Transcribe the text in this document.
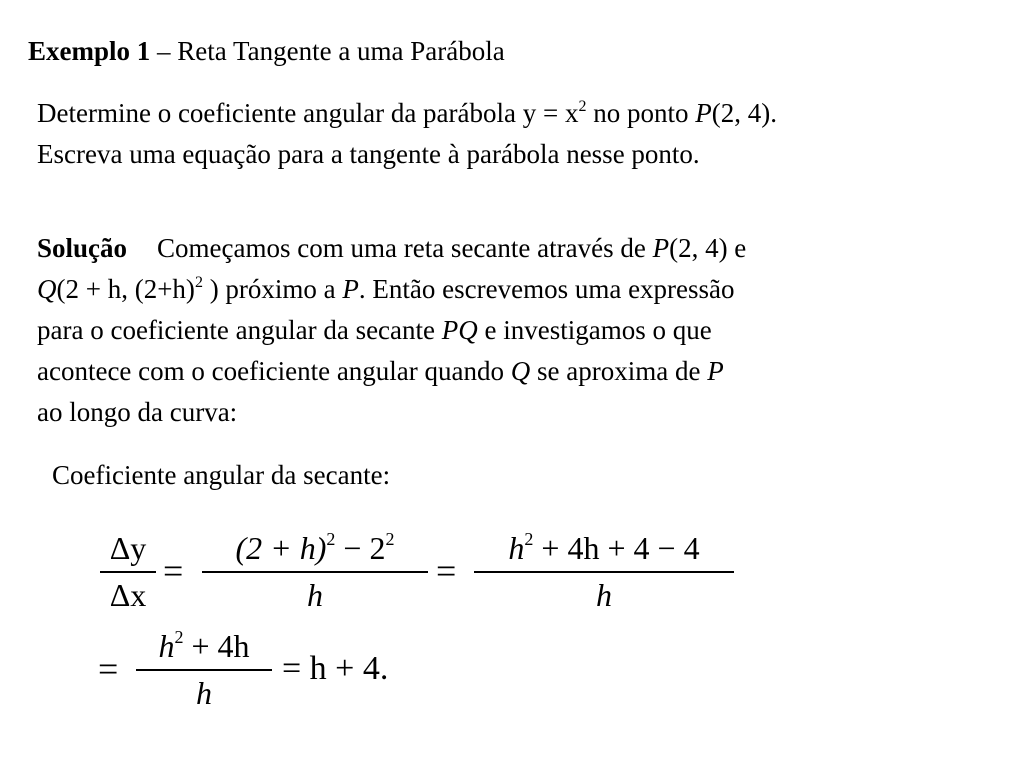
Exemplo 1 – Reta Tangente a uma Parábola

Determine o coeficiente angular da parábola $y = x^2$ no ponto P(2, 4).
Escreva uma equação para a tangente à parábola nesse ponto.
Solução Começamos com uma reta secante através de P(2, 4) e
Q(2 + h, $(2+h)^2$ ) próximo a P. Então escrevemos uma expressão
para o coeficiente angular da secante PQ e investigamos o que
acontece com o coeficiente angular quando Q se aproxima de P
ao longo da curva:

Coeficiente angular da secante:

Δy
Δx
=
$(2 + h)^2 - 2^2$
h
=
$h^2 + 4h + 4 - 4$
h
=
$h^2 + 4h$
h
= h + 4.
